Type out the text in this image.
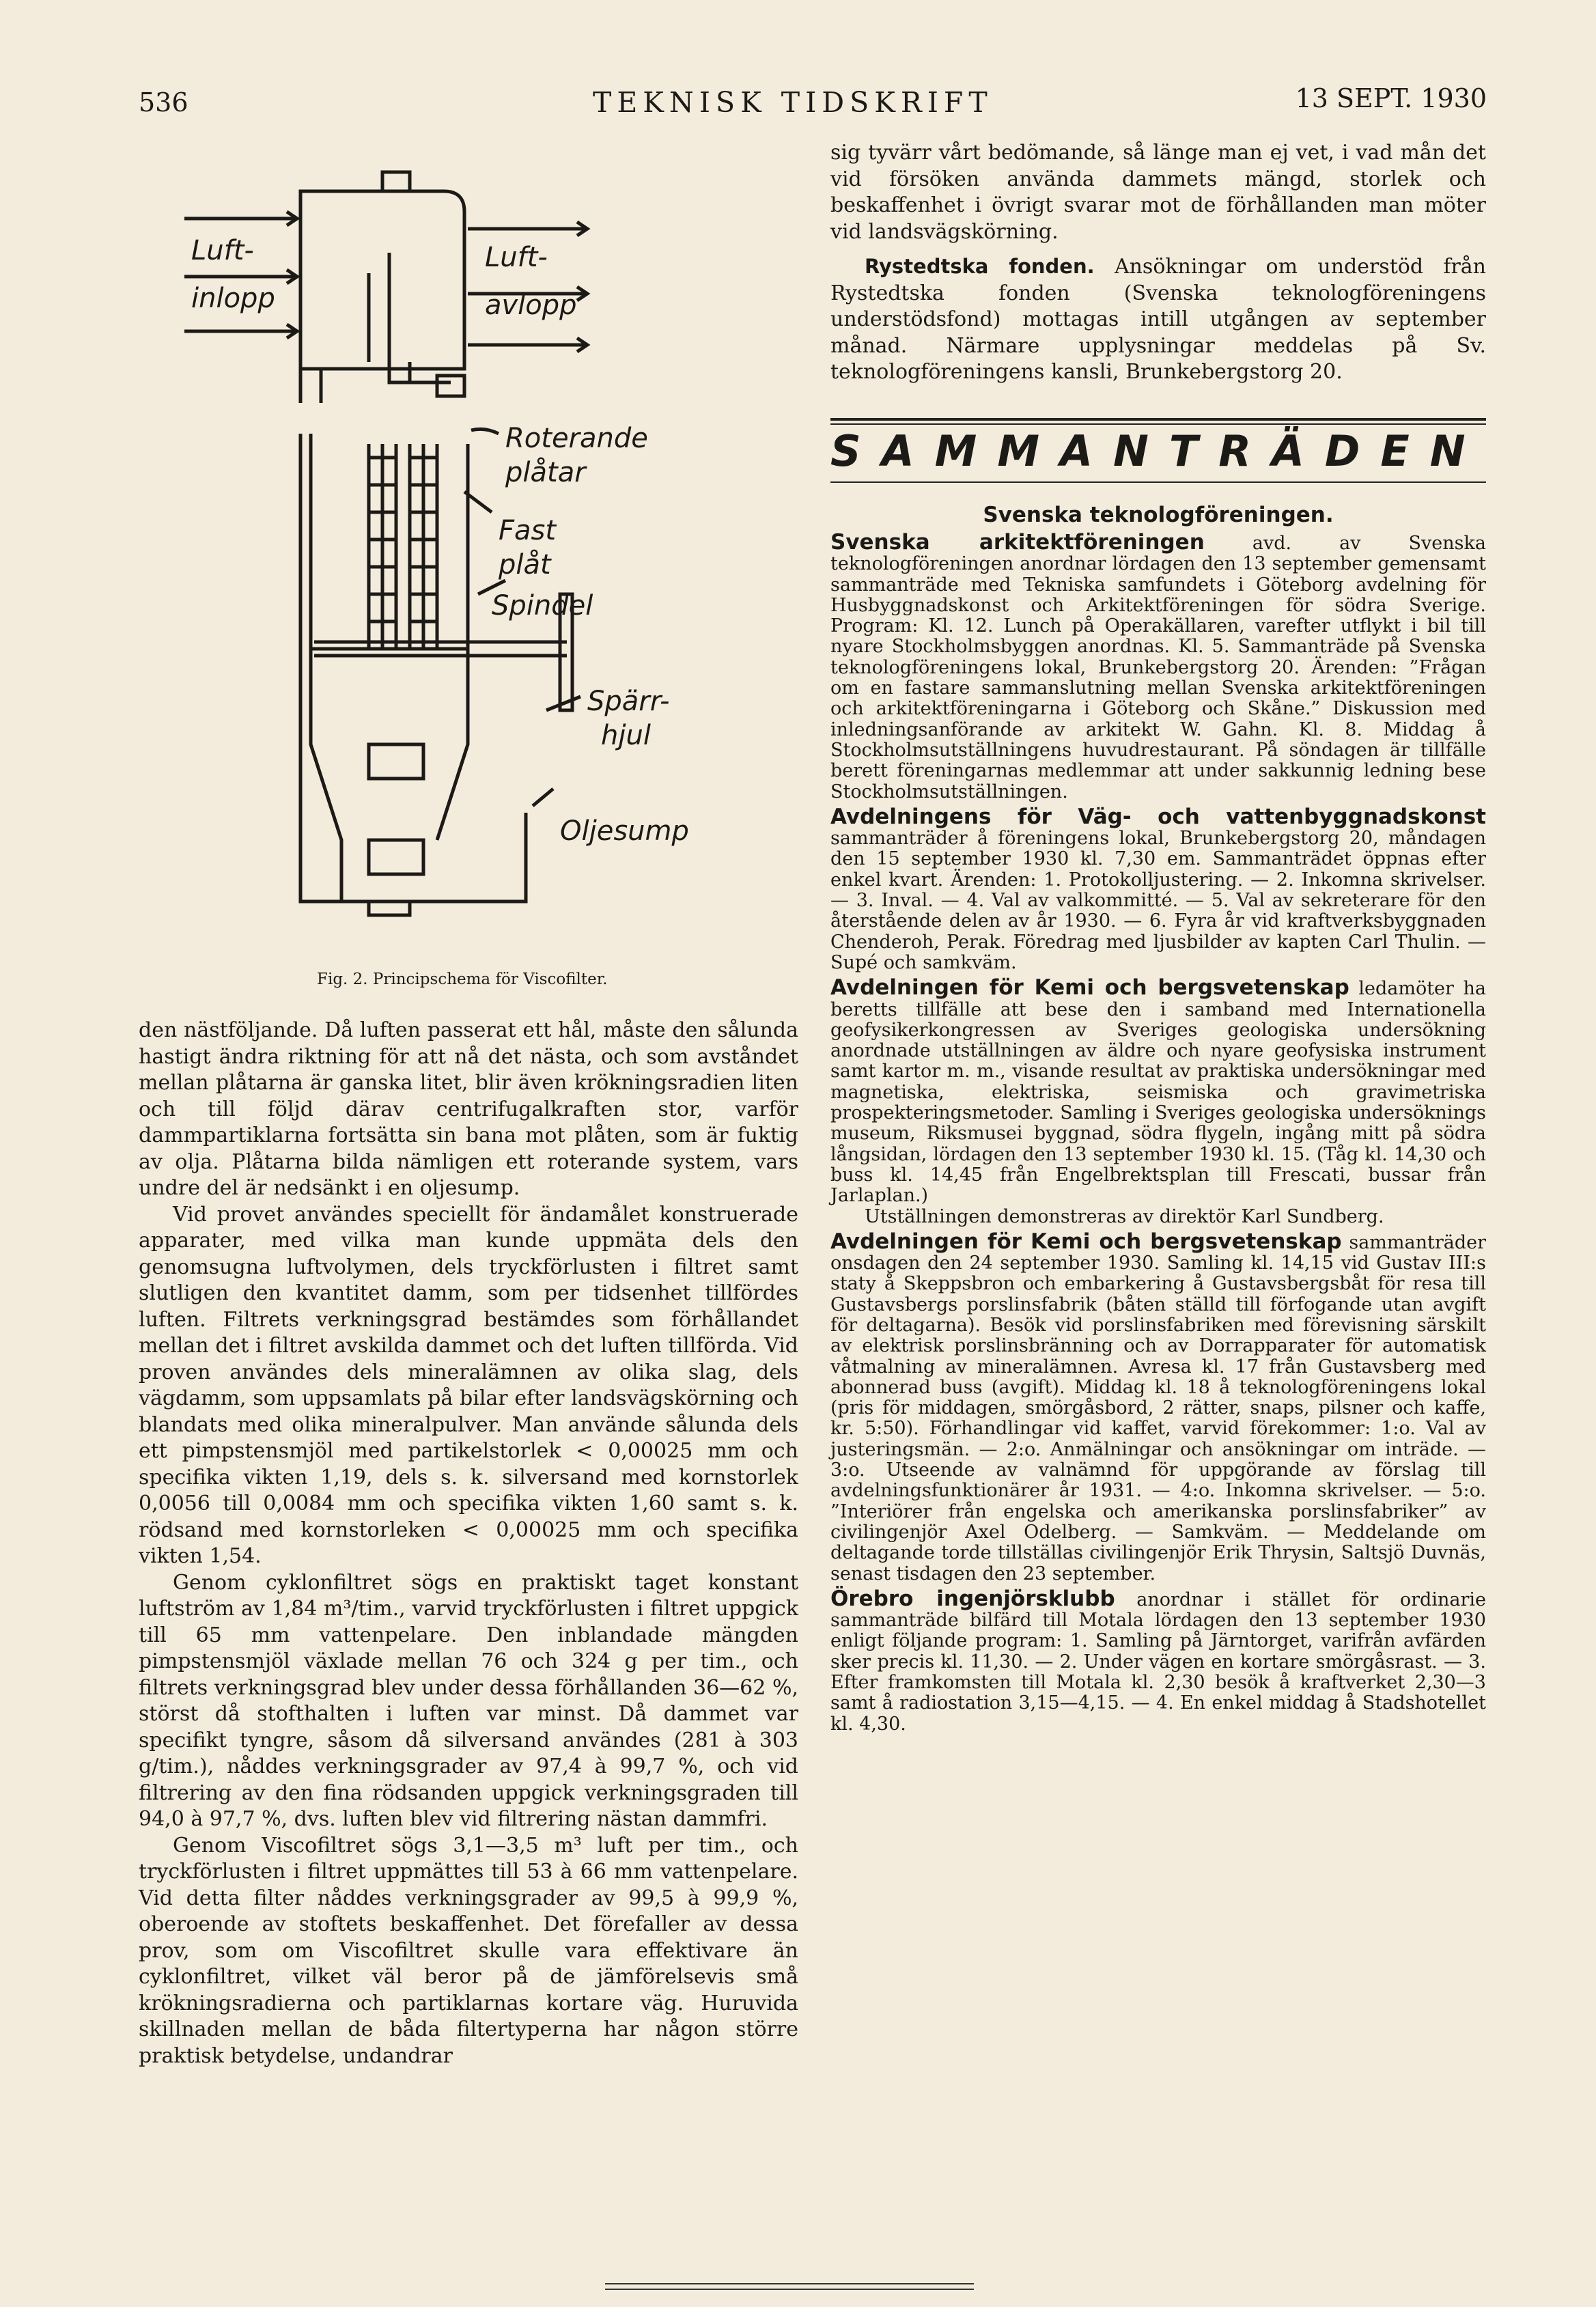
536	TEKNISK TIDSKRIFT	13 SEPT. 1930
Luft-
inlopp
Luft-
avlopp
Roterande
plåtar
Fast
plåt
Spindel
Spärr-
hjul
Oljesump
Fig. 2. Principschema för Viscofilter.

den nästföljande. Då luften passerat ett hål, måste den sålunda hastigt ändra riktning för att nå det nästa, och som avståndet mellan plåtarna är ganska litet, blir även krökningsradien liten och till följd därav centrifugalkraften stor, varför dammpartiklarna fortsätta sin bana mot plåten, som är fuktig av olja. Plåtarna bilda nämligen ett roterande system, vars undre del är nedsänkt i en oljesump.

Vid provet användes speciellt för ändamålet konstruerade apparater, med vilka man kunde uppmäta dels den genomsugna luftvolymen, dels tryckförlusten i filtret samt slutligen den kvantitet damm, som per tidsenhet tillfördes luften. Filtrets verkningsgrad bestämdes som förhållandet mellan det i filtret avskilda dammet och det luften tillförda. Vid proven användes dels mineralämnen av olika slag, dels vägdamm, som uppsamlats på bilar efter landsvägskörning och blandats med olika mineralpulver. Man använde sålunda dels ett pimpstensmjöl med partikelstorlek < 0,00025 mm och specifika vikten 1,19, dels s. k. silversand med kornstorlek 0,0056 till 0,0084 mm och specifika vikten 1,60 samt s. k. rödsand med kornstorleken < 0,00025 mm och specifika vikten 1,54.

Genom cyklonfiltret sögs en praktiskt taget konstant luftström av 1,84 m³/tim., varvid tryckförlusten i filtret uppgick till 65 mm vattenpelare. Den inblandade mängden pimpstensmjöl växlade mellan 76 och 324 g per tim., och filtrets verkningsgrad blev under dessa förhållanden 36—62 %, störst då stofthalten i luften var minst. Då dammet var specifikt tyngre, såsom då silversand användes (281 à 303 g/tim.), nåddes verkningsgrader av 97,4 à 99,7 %, och vid filtrering av den fina rödsanden uppgick verkningsgraden till 94,0 à 97,7 %, dvs. luften blev vid filtrering nästan dammfri.

Genom Viscofiltret sögs 3,1—3,5 m³ luft per tim., och tryckförlusten i filtret uppmättes till 53 à 66 mm vattenpelare. Vid detta filter nåddes verkningsgrader av 99,5 à 99,9 %, oberoende av stoftets beskaffenhet. Det förefaller av dessa prov, som om Viscofiltret skulle vara effektivare än cyklonfiltret, vilket väl beror på de jämförelsevis små krökningsradierna och partiklarnas kortare väg. Huruvida skillnaden mellan de båda filtertyperna har någon större praktisk betydelse, undandrar

sig tyvärr vårt bedömande, så länge man ej vet, i vad mån det vid försöken använda dammets mängd, storlek och beskaffenhet i övrigt svarar mot de förhållanden man möter vid landsvägskörning.

Rystedtska fonden. Ansökningar om understöd från Rystedtska fonden (Svenska teknologföreningens understödsfond) mottagas intill utgången av september månad. Närmare upplysningar meddelas på Sv. teknologföreningens kansli, Brunkebergstorg 20.

SAMMANTRÄDEN

Svenska teknologföreningen.

Svenska arkitektföreningen avd. av Svenska teknologföreningen anordnar lördagen den 13 september gemensamt sammanträde med Tekniska samfundets i Göteborg avdelning för Husbyggnadskonst och Arkitektföreningen för södra Sverige. Program: Kl. 12. Lunch på Operakällaren, varefter utflykt i bil till nyare Stockholmsbyggen anordnas. Kl. 5. Sammanträde på Svenska teknologföreningens lokal, Brunkebergstorg 20. Ärenden: ”Frågan om en fastare sammanslutning mellan Svenska arkitektföreningen och arkitektföreningarna i Göteborg och Skåne.” Diskussion med inledningsanförande av arkitekt W. Gahn. Kl. 8. Middag å Stockholmsutställningens huvudrestaurant. På söndagen är tillfälle berett föreningarnas medlemmar att under sakkunnig ledning bese Stockholmsutställningen.

Avdelningens för Väg- och vattenbyggnadskonst sammanträder å föreningens lokal, Brunkebergstorg 20, måndagen den 15 september 1930 kl. 7,30 em. Sammanträdet öppnas efter enkel kvart. Ärenden: 1. Protokolljustering. — 2. Inkomna skrivelser. — 3. Inval. — 4. Val av valkommitté. — 5. Val av sekreterare för den återstående delen av år 1930. — 6. Fyra år vid kraftverksbyggnaden Chenderoh, Perak. Föredrag med ljusbilder av kapten Carl Thulin. — Supé och samkväm.

Avdelningen för Kemi och bergsvetenskap ledamöter ha beretts tillfälle att bese den i samband med Internationella geofysikerkongressen av Sveriges geologiska undersökning anordnade utställningen av äldre och nyare geofysiska instrument samt kartor m. m., visande resultat av praktiska undersökningar med magnetiska, elektriska, seismiska och gravimetriska prospekteringsmetoder. Samling i Sveriges geologiska undersöknings museum, Riksmusei byggnad, södra flygeln, ingång mitt på södra långsidan, lördagen den 13 september 1930 kl. 15. (Tåg kl. 14,30 och buss kl. 14,45 från Engelbrektsplan till Frescati, bussar från Jarlaplan.)

Utställningen demonstreras av direktör Karl Sundberg.

Avdelningen för Kemi och bergsvetenskap sammanträder onsdagen den 24 september 1930. Samling kl. 14,15 vid Gustav III:s staty å Skeppsbron och embarkering å Gustavsbergsbåt för resa till Gustavsbergs porslinsfabrik (båten ställd till förfogande utan avgift för deltagarna). Besök vid porslinsfabriken med förevisning särskilt av elektrisk porslinsbränning och av Dorrapparater för automatisk våtmalning av mineralämnen. Avresa kl. 17 från Gustavsberg med abonnerad buss (avgift). Middag kl. 18 å teknologföreningens lokal (pris för middagen, smörgåsbord, 2 rätter, snaps, pilsner och kaffe, kr. 5:50). Förhandlingar vid kaffet, varvid förekommer: 1:o. Val av justeringsmän. — 2:o. Anmälningar och ansökningar om inträde. — 3:o. Utseende av valnämnd för uppgörande av förslag till avdelningsfunktionärer år 1931. — 4:o. Inkomna skrivelser. — 5:o. ”Interiörer från engelska och amerikanska porslinsfabriker” av civilingenjör Axel Odelberg. — Samkväm. — Meddelande om deltagande torde tillställas civilingenjör Erik Thrysin, Saltsjö Duvnäs, senast tisdagen den 23 september.

Örebro ingenjörsklubb anordnar i stället för ordinarie sammanträde bilfärd till Motala lördagen den 13 september 1930 enligt följande program: 1. Samling på Järntorget, varifrån avfärden sker precis kl. 11,30. — 2. Under vägen en kortare smörgåsrast. — 3. Efter framkomsten till Motala kl. 2,30 besök å kraftverket 2,30—3 samt å radiostation 3,15—4,15. — 4. En enkel middag å Stadshotellet kl. 4,30.
